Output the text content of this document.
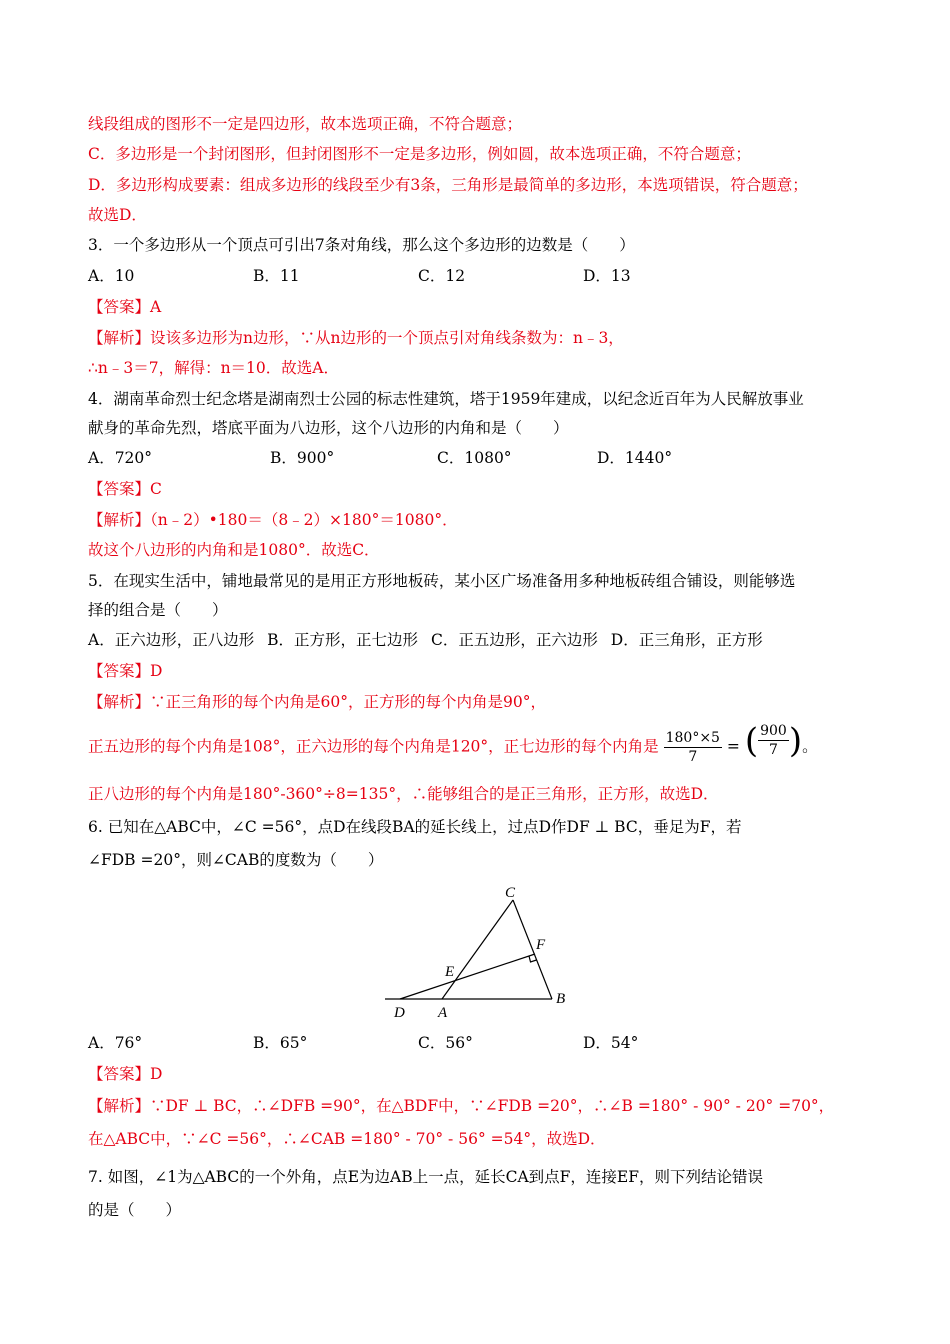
线段组成的图形不一定是四边形，故本选项正确，不符合题意；
C．多边形是一个封闭图形，但封闭图形不一定是多边形，例如圆，故本选项正确，不符合题意；
D．多边形构成要素：组成多边形的线段至少有3条，三角形是最简单的多边形，本选项错误，符合题意；
故选D．
3．一个多边形从一个顶点可引出7条对角线，那么这个多边形的边数是（　　）
A．10	B．11	C．12	D．13
【答案】A
【解析】设该多边形为n边形，∵从n边形的一个顶点引对角线条数为：n﹣3，
∴n﹣3＝7，解得：n＝10．故选A．
4．湖南革命烈士纪念塔是湖南烈士公园的标志性建筑，塔于1959年建成，以纪念近百年为人民解放事业
献身的革命先烈，塔底平面为八边形，这个八边形的内角和是（　　）
A．720°	B．900°	C．1080°	D．1440°
【答案】C
【解析】（n﹣2）•180＝（8﹣2）×180°＝1080°．
故这个八边形的内角和是1080°．故选C．
5．在现实生活中，铺地最常见的是用正方形地板砖，某小区广场准备用多种地板砖组合铺设，则能够选
择的组合是（　　）
A．正六边形，正八边形 B．正方形，正七边形 C．正五边形，正六边形 D．正三角形，正方形
【答案】D
【解析】∵正三角形的每个内角是60°，正方形的每个内角是90°，
正五边形的每个内角是108°，正六边形的每个内角是120°，正七边形的每个内角是 $\frac{180^\circ\times 5}{7}$ = ( $\frac{900}{7}$ ) 。
正八边形的每个内角是180°-360°÷8=135°，∴能够组合的是正三角形，正方形，故选D．
6. 已知在△ABC中，∠C =56°，点D在线段BA的延长线上，过点D作DF ⊥ BC，垂足为F，若
∠FDB =20°，则∠CAB的度数为（　　）
C
F
E
D A
B
A．76°	B．65°	C．56°	D．54°
【答案】D
【解析】∵DF ⊥ BC，∴∠DFB =90°，在△BDF中，∵∠FDB =20°，∴∠B =180° - 90° - 20° =70°，
在△ABC中，∵∠C =56°，∴∠CAB =180° - 70° - 56° =54°，故选D．
7. 如图，∠1为△ABC的一个外角，点E为边AB上一点，延长CA到点F，连接EF，则下列结论错误
的是（　　）
